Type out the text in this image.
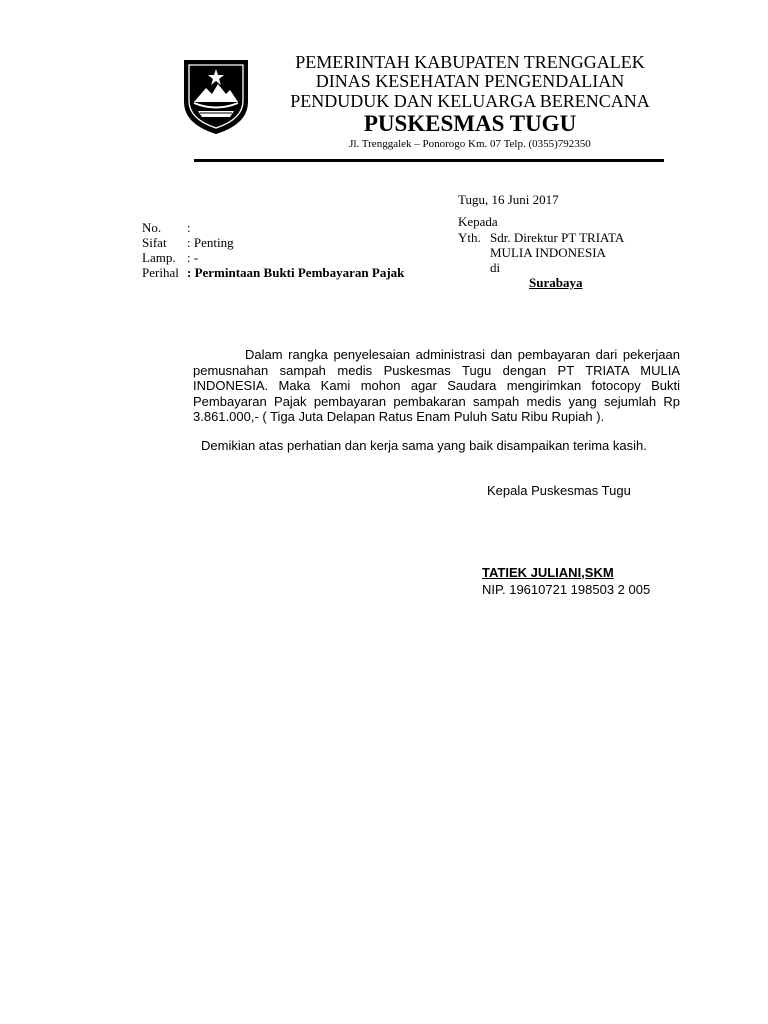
PEMERINTAH KABUPATEN TRENGGALEK
DINAS KESEHATAN PENGENDALIAN
PENDUDUK DAN KELUARGA BERENCANA
PUSKESMAS TUGU
Jl. Trenggalek – Ponorogo Km. 07 Telp. (0355)792350
Tugu, 16 Juni 2017
No. :
Sifat : Penting
Lamp. : -
Perihal : Permintaan Bukti Pembayaran Pajak
Kepada
Yth. Sdr. Direktur PT TRIATA
MULIA INDONESIA
di
Surabaya
Dalam rangka penyelesaian administrasi dan pembayaran dari pekerjaan pemusnahan sampah medis Puskesmas Tugu dengan PT TRIATA MULIA INDONESIA. Maka Kami mohon agar Saudara mengirimkan fotocopy Bukti Pembayaran Pajak pembayaran pembakaran sampah medis yang sejumlah Rp 3.861.000,- ( Tiga Juta Delapan Ratus Enam Puluh Satu Ribu Rupiah ).
Demikian atas perhatian dan kerja sama yang baik disampaikan terima kasih.
Kepala Puskesmas Tugu
TATIEK JULIANI,SKM
NIP. 19610721 198503 2 005
